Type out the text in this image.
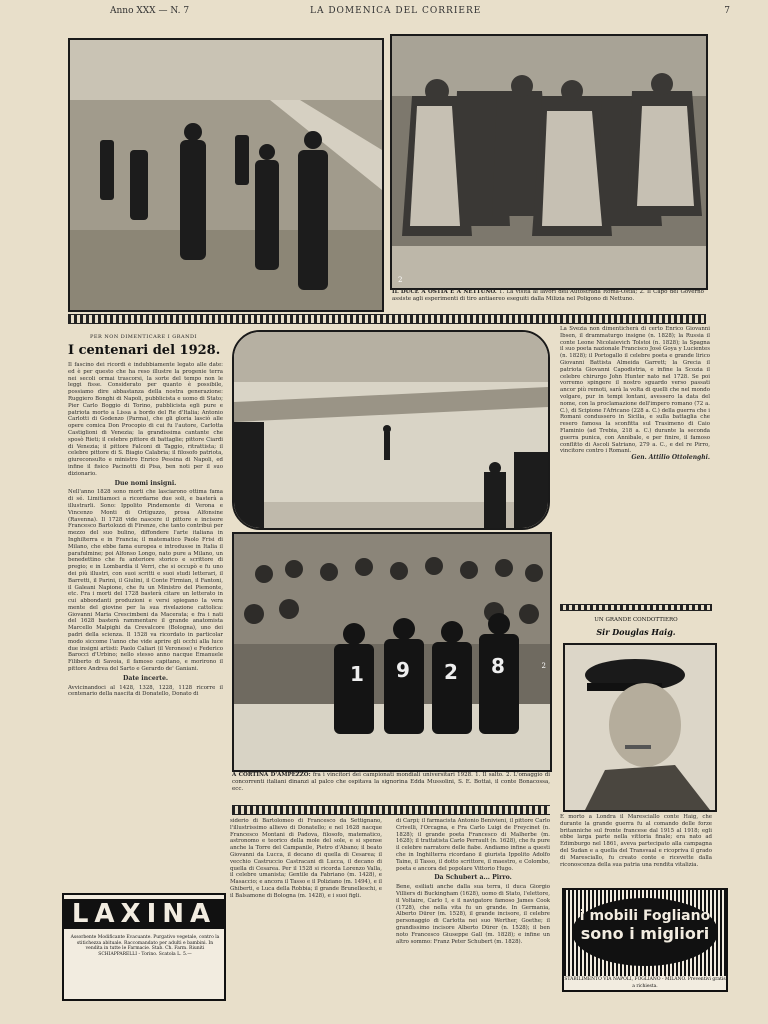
Anno XXX — N. 7	LA DOMENICA DEL CORRIERE	7
2
IL DUCE A OSTIA E A NETTUNO. 1. La visita ai lavori dell'Autostrada Roma-Ostia; 2. Il Capo del Governo assiste agli esperimenti di tiro antiaereo eseguiti dalla Milizia nel Poligono di Nettuno.
PER NON DIMENTICARE I GRANDI
I centenari del 1928.

Il fascino dei ricordi è indubbiamente legato alle date: ed è per questo che ha reso illustre la progenie terra nei secoli ormai trascorsi, la sorte del tempo non le leggi fisse. Considerato per quanto è possibile, possiamo dire abbastanza della nostra generazione: Ruggiero Bonghi di Napoli, pubblicista e uomo di Stato; Pier Carlo Boggio di Torino, pubblicista egli pure e patriota morto a Lissa a bordo del Re d'Italia; Antonio Carlotti di Godenzo (Parma), che gli gloria lasciò alle opere comica Don Procopio di cui fu l'autore, Carlotta Castiglioni di Venezia; la grandissima cantante che sposò Rieti; il celebre pittore di battaglie; pittore Ciardi di Venezia; il pittore Falconi di Taggio, ritrattista; il celebre pittore di S. Biagio Calabria; il filosofo patriota, giureconsulto e ministro Enrico Pessina di Napoli, ed infine il fisico Pacinotti di Pisa, ben noti per il suo dizionario.

Due nomi insigni.

Nell'anno 1828 sono morti che lasciarono ottima fama di sé. Limitiamoci a ricordarne due soli, e basterà a illustrarli. Sono: Ippolito Pindemonte di Verona e Vincenzo Monti di Ortiguzzo, prosa Alfonsine (Ravenna). Il 1728 vide nascere il pittore e incisore Francesco Bartolozzi di Firenze, che tanto contribuì per mezzo del suo bulino, diffondere l'arte italiana in Inghilterra e in Francia; il matematico Paolo Frisi di Milano, che ebbe fama europea e introdusse in Italia il parafulmine; poi Alfonso Longo, nato pure a Milano, un benedettino che fu anteriore storico e scrittore di pregio; e in Lombardia il Verri, che si occupò e fu uno dei più illustri, con suoi scritti e suoi studi letterari, il Barretti, il Parini, il Giulini, il Conte Firmian, il Fantoni, il Galeani Napione, che fu un Ministro del Piemonte, etc. Fra i morti del 1728 basterà citare un letterato in cui abbondanti produzioni e versi spiegano la vera mente del giovine per la sua rivelazione cattolica: Giovanni Maria Crescimbeni da Macerata; e fra i nati del 1628 basterà rammentare il grande anatomista Marcello Malpighi da Crevalcore (Bologna), uno dei padri della scienza. Il 1528 va ricordato in particolar modo siccome l'anno che vide aprire gli occhi alla luce due insigni artisti: Paolo Caliari (il Veronese) e Federico Barocci d'Urbino; nello stesso anno nacque Emanuele Filiberto di Savoia, il famoso capitano, e morirono il pittore Andrea del Sarto e Gerardo de' Ganiani.

Date incerte.

Avvicinandoci al 1428, 1328, 1228, 1128 ricorre il centenario della nascita di Donatello, Donato di

1 9 2 8	2
A CORTINA D'AMPEZZO: fra i vincitori dei campionati mondiali universitari 1928. 1. Il salto. 2. L'omaggio di concorrenti italiani dinanzi al palco che ospitava la signorina Edda Mussolini, S. E. Bottai, il conte Bonacossa, ecc.

siderio di Bartolomeo di Francesco da Settignano, l'illustrissimo allievo di Donatello; e nel 1628 nacque Francesco Montani di Padova, filosofo, matematico, astronomo e teorico della mole del sole, e si spense anche la Torre del Campanile, Pietro d'Abano; il beato Giovanni da Lucca, il decano di quella di Cesarea; il vecchio Castruccio Castracani di Lucca, il decano di quella di Cesarea. Per il 1528 si ricorda Lorenzo Valla, il celebre umanista; Gentile da Fabriano (m. 1428), e Masaccio; e ancora il Tasso e il Poliziano (m. 1494), e il Ghiberti, e Luca della Robbia; il grande Brunelleschi, e il Balsamone di Bologna (m. 1428), e i suoi figli.

di Carpi; il farmacista Antonio Benivieni, il pittore Carlo Crivelli, l'Orcagna, e Fra Carlo Luigi de Freycinet (n. 1828); il grande poeta Francesco di Malherbe (m. 1628); il trattatista Carlo Perrault (n. 1628), che fu pure il celebre narratore delle fiabe. Andiamo infine a questi che in Inghilterra ricordano il giurista Ippolito Adolfo Taine, il Tasso, il dotto scrittore, il maestro, e Colombo, poeta e ancora del popolare Vittorio Hugo.

Da Schubert a... Pirro.

Bene, esiliati anche dalla sua terra, il duca Giorgio Villiers di Buckingham (1628), uomo di Stato, l'elettore, il Voltaire, Carlo I, e il navigatore famoso James Cook (1728), che nella vita fu un grande. In Germania, Alberto Dürer (m. 1528), il grande incisore, il celebre personaggio di Carlotta nei suo Werther, Goethe; il grandissimo incisore Alberto Dürer (n. 1528); il ben noto Francesco Giuseppe Gall (m. 1828); e infine un altro sommo: Franz Peter Schubert (m. 1828).

La Svezia non dimenticherà di certo Enrico Giovanni Ibsen, il drammaturgo insigne (n. 1828); la Russia il conte Leone Nicolaievich Tolstoi (n. 1828); la Spagna il suo poeta nazionale Francisco José Goya y Lucientes (n. 1828); il Portogallo il celebre poeta e grande lirico Giovanni Battista Almeida Garrett; la Grecia il patriota Giovanni Capodistria, e infine la Scozia il celebre chirurgo John Hunter nato nel 1728. Se poi vorremo spingere il nostro sguardo verso passati ancor più remoti, sarà la volta di quelli che nel mondo volgare, pur in tempi lontani, avessero la data del nome, con la proclamazione dell'impero romano (72 a. C.), di Scipione l'Africano (228 a. C.) della guerra che i Romani condussero in Sicilia, e sulla battaglia che resero famosa la sconfitta sul Trasimeno di Caio Flaminio (ad Trebia, 218 a. C.) durante la seconda guerra punica, con Annibale, e per finire, il famoso conflitto di Ascoli Satriano, 279 a. C., e del re Pirro, vincitore contro i Romani.

Gen. Attilio Ottolenghi.
UN GRANDE CONDOTTIERO
Sir Douglas Haig.

È morto a Londra il Maresciallo conte Haig, che durante la grande guerra fu al comando delle forze britanniche sul fronte francese dal 1915 al 1918; egli ebbe larga parte nella vittoria finale; era nato ad Edimburgo nel 1861, aveva partecipato alla campagna del Sudan e a quella del Transvaal e ricopriva il grado di Maresciallo, fu creato conte e ricevette dalla riconoscenza della sua patria una rendita vitalizia.

LAXINA
Assorbente Modificante Evacuante. Purgativo vegetale, contro la stitichezza abituale. Raccomandato per adulti e bambini. In vendita in tutte le Farmacie. Stab. Ch. Farm. Riuniti SCHIAPPARELLI - Torino. Scatola L. 5.—
i mobili Fogliano
sono i migliori
STABILIMENTO VIA NAPOLI, FOGLIANO - MILANO. Preventivi gratis a richiesta.
